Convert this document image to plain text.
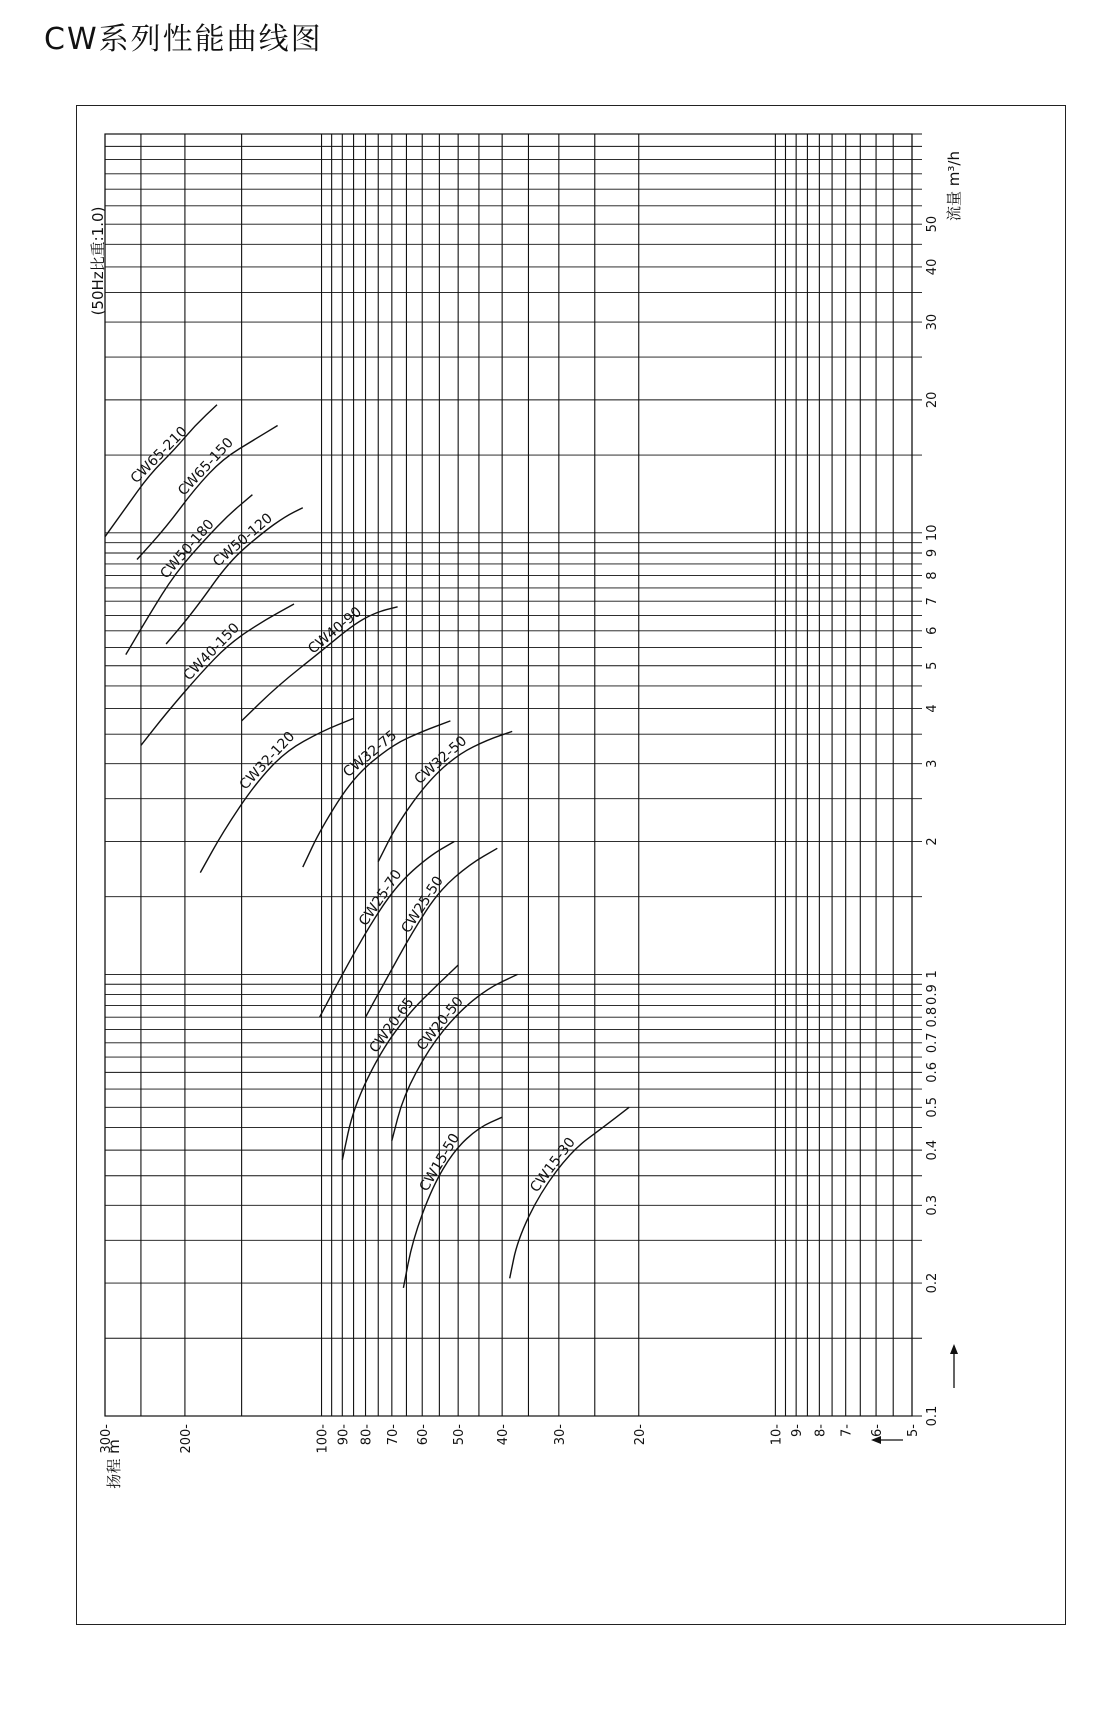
CW系列性能曲线图
300-	200-	100- 90- 80- 70- 60- 50- 40-	30-	20-	10- 9- 8- 7- 6- 5-
0.1
0.2
0.3
0.4
0.5
0.6
0.7
0.8
0.9
1
2
3
4
5
6
7
8
9
10
20
30
40
50
CW65-210
CW65-150
CW50-180
CW50-120
CW40-150	CW40-90
CW32-120	CW32-75 CW32-50
CW25-70
CW25-50
CW20-65
CW20-50
CW15-50	CW15-30
(50Hz比重:1.0)
流量 m³/h
扬程 m
